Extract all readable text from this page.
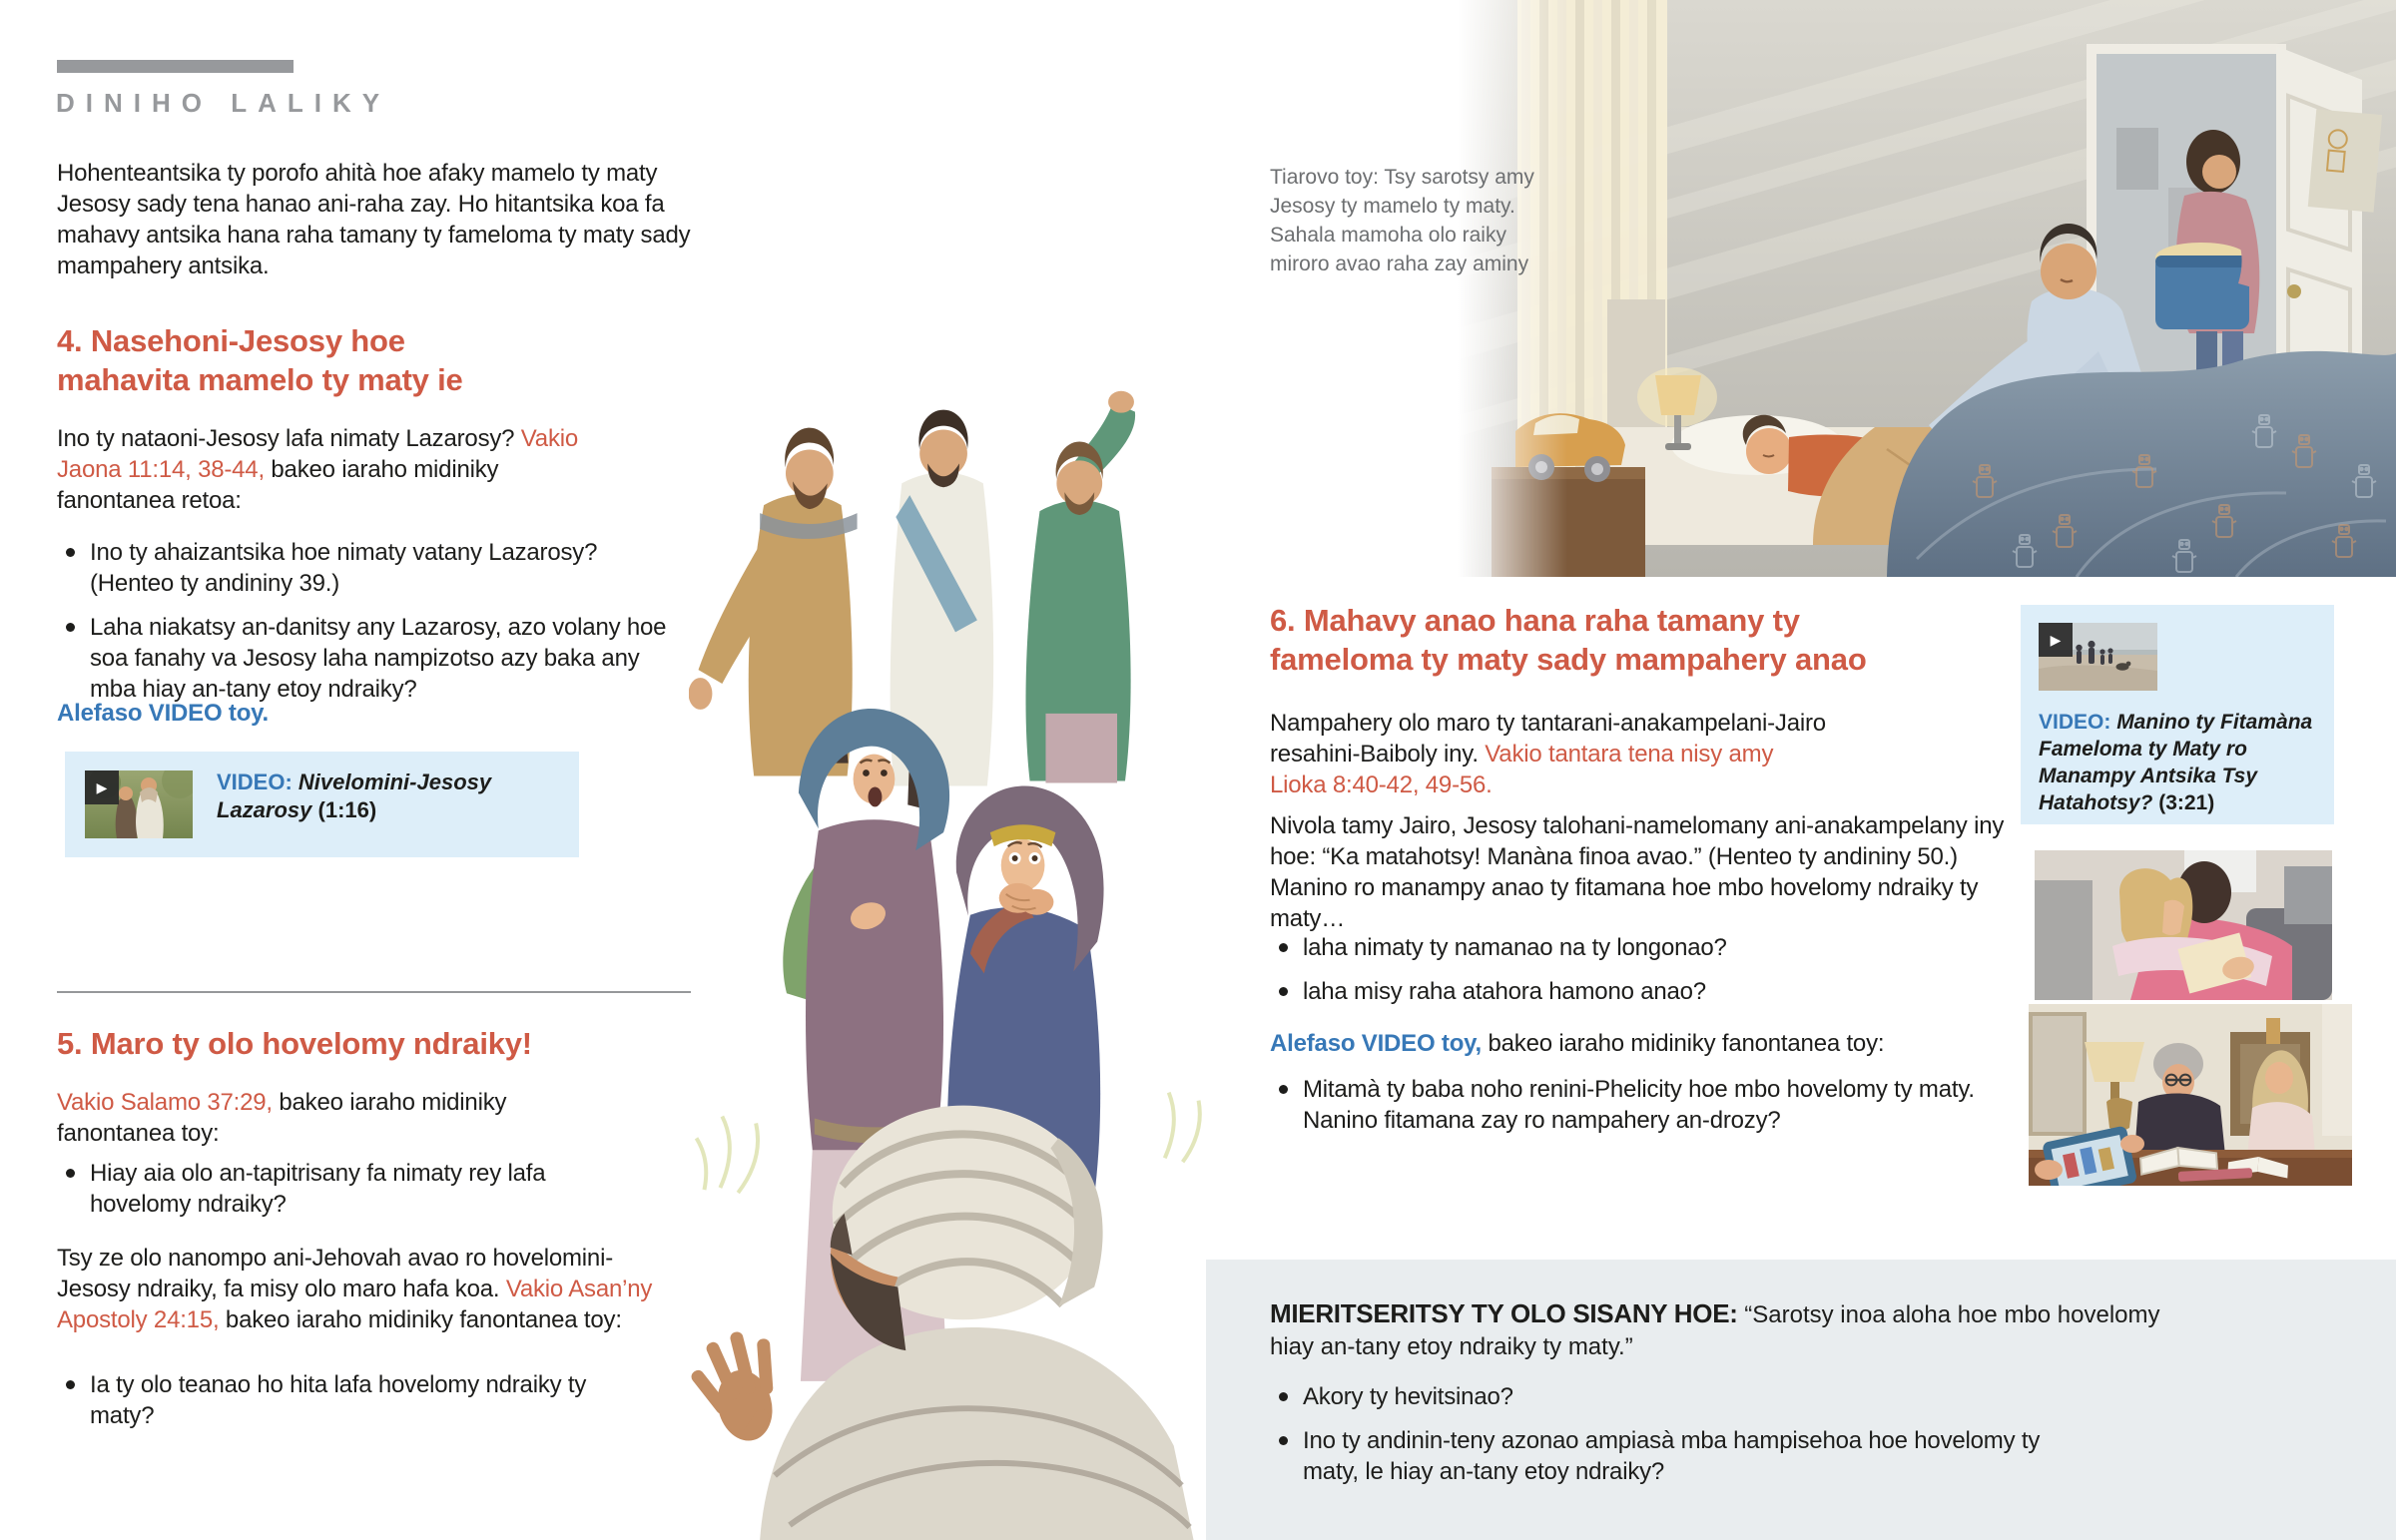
DINIHO LALIKY

Hohenteantsika ty porofo ahità hoe afaky mamelo ty maty Jesosy sady tena hanao ani-raha zay. Ho hitantsika koa fa mahavy antsika hana raha tamany ty fameloma ty maty sady mampahery antsika.

4. Nasehoni-Jesosy hoe mahavita mamelo ty maty ie

Ino ty nataoni-Jesosy lafa nimaty Lazarosy? Vakio Jaona 11:14, 38-44, bakeo iaraho midiniky fanontanea retoa:

Ino ty ahaizantsika hoe nimaty vatany Lazarosy? (Henteo ty andininy 39.)
Laha niakatsy an-danitsy any Lazarosy, azo volany hoe soa fanahy va Jesosy laha nampizotso azy baka any mba hiay an-tany etoy ndraiky?

Alefaso VIDEO toy.

▶	VIDEO: Nivelomini-Jesosy Lazarosy (1:16)

5. Maro ty olo hovelomy ndraiky!

Vakio Salamo 37:29, bakeo iaraho midiniky fanontanea toy:

Hiay aia olo an-tapitrisany fa nimaty rey lafa hovelomy ndraiky?

Tsy ze olo nanompo ani-Jehovah avao ro hovelomini-Jesosy ndraiky, fa misy olo maro hafa koa. Vakio Asan’ny Apostoly 24:15, bakeo iaraho midiniky fanontanea toy:

Ia ty olo teanao ho hita lafa hovelomy ndraiky ty maty?

Tiarovo toy: Tsy sarotsy amy Jesosy ty mamelo ty maty. Sahala mamoha olo raiky miroro avao raha zay aminy

6. Mahavy anao hana raha tamany ty fameloma ty maty sady mampahery anao

Nampahery olo maro ty tantarani-anakampelani-Jairo resahini-Baiboly iny. Vakio tantara tena nisy amy Lioka 8:40-42, 49-56.

Nivola tamy Jairo, Jesosy talohani-namelomany ani-anakampelany iny hoe: “Ka matahotsy! Manàna finoa avao.” (Henteo ty andininy 50.) Manino ro manampy anao ty fitamana hoe mbo hovelomy ndraiky ty maty…

laha nimaty ty namanao na ty longonao?
laha misy raha atahora hamono anao?

Alefaso VIDEO toy, bakeo iaraho midiniky fanontanea toy:

Mitamà ty baba noho renini-Phelicity hoe mbo hovelomy ty maty. Nanino fitamana zay ro nampahery an-drozy?
▶

VIDEO: Manino ty Fitamàna Fameloma ty Maty ro Manampy Antsika Tsy Hatahotsy? (3:21)

MIERITSERITSY TY OLO SISANY HOE: “Sarotsy inoa aloha hoe mbo hovelomy hiay an-tany etoy ndraiky ty maty.”

Akory ty hevitsinao?
Ino ty andinin-teny azonao ampiasà mba hampisehoa hoe hovelomy ty maty, le hiay an-tany etoy ndraiky?
